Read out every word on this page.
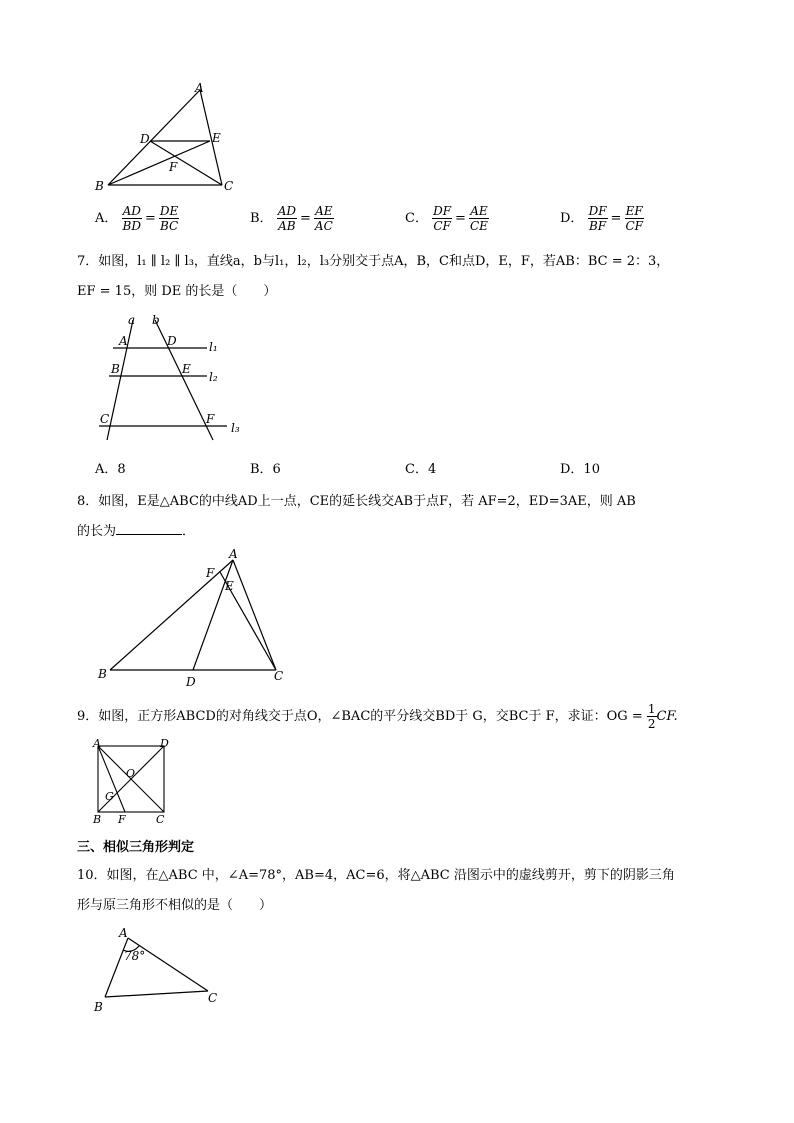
A
D	E
F
B	C
A． $\frac{AD}{BD} = \frac{DE}{BC}$	B． $\frac{AD}{AB} = \frac{AE}{AC}$	C． $\frac{DF}{CF} = \frac{AE}{CE}$	D． $\frac{DF}{BF} = \frac{EF}{CF}$
7．如图，l₁ ∥ l₂ ∥ l₃，直线a，b与l₁，l₂，l₃分别交于点A，B，C和点D，E，F，若AB：BC = 2：3，
EF = 15，则 DE 的长是（　　）
a b
A	D	l₁
B	E
l₂
C	F
l₃
A．8	B．6	C．4	D．10
8．如图，E是△ABC的中线AD上一点，CE的延长线交AB于点F，若 AF=2，ED=3AE，则 AB
的长为	．
A
F
E
B
D	C
9．如图，正方形ABCD的对角线交于点O，∠BAC的平分线交BD于 G，交BC于 F，求证：OG = $\frac{1}{2}$ CF.
A	D
O
G
B F	C
三、相似三角形判定
10．如图，在△ABC 中，∠A=78°，AB=4，AC=6，将△ABC 沿图示中的虚线剪开，剪下的阴影三角
形与原三角形不相似的是（　　）
A
78°
B
C
